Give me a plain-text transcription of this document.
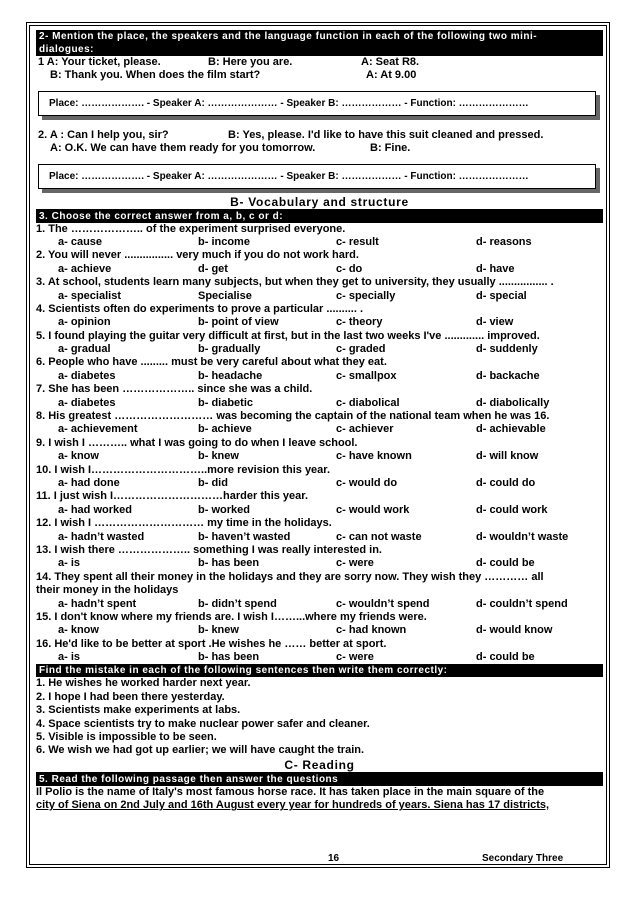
2- Mention the place, the speakers and the language function in each of the following two mini-
dialogues:
1 A: Your ticket, please.	B: Here you are.	A: Seat R8.
B: Thank you. When does the film start?	A: At 9.00
Place: ………………. - Speaker A: ………………… - Speaker B: ……………… - Function: …………………
2. A : Can I help you, sir?	B: Yes, please. I'd like to have this suit cleaned and pressed.
A: O.K. We can have them ready for you tomorrow.	B: Fine.
Place: ………………. - Speaker A: ………………… - Speaker B: ……………… - Function: …………………
B- Vocabulary and structure
3. Choose the correct answer from a, b, c or d:
1. The ……………….. of the experiment surprised everyone.
a- cause	b- income	c- result	d- reasons
2. You will never ................ very much if you do not work hard.
a- achieve	d- get	c- do	d- have
3. At school, students learn many subjects, but when they get to university, they usually ................ .
a- specialist	Specialise	c- specially	d- special
4. Scientists often do experiments to prove a particular .......... .
a- opinion	b- point of view	c- theory	d- view
5. I found playing the guitar very difficult at first, but in the last two weeks I've ............. improved.
a- gradual	b- gradually	c- graded	d- suddenly
6. People who have ......... must be very careful about what they eat.
a- diabetes	b- headache	c- smallpox	d- backache
7. She has been ……………….. since she was a child.
a- diabetes	b- diabetic	c- diabolical	d- diabolically
8. His greatest ……………………… was becoming the captain of the national team when he was 16.
a- achievement	b- achieve	c- achiever	d- achievable
9. I wish I ……….. what I was going to do when I leave school.
a- know	b- knew	c- have known	d- will know
10. I wish I…………………………..more revision this year.
a- had done	b- did	c- would do	d- could do
11. I just wish I…………………………harder this year.
a- had worked	b- worked	c- would work	d- could work
12. I wish I ………………………… my time in the holidays.
a- hadn’t wasted	b- haven’t wasted	c- can not waste	d- wouldn’t waste
13. I wish there ……………….. something I was really interested in.
a- is	b- has been	c- were	d- could be
14. They spent all their money in the holidays and they are sorry now. They wish they ………… all
their money in the holidays
a- hadn’t spent	b- didn’t spend	c- wouldn’t spend	d- couldn’t spend
15. I don't know where my friends are. I wish I……...where my friends were.
a- know	b- knew	c- had known	d- would know
16. He'd like to be better at sport .He wishes he …… better at sport.
a- is	b- has been	c- were	d- could be
Find the mistake in each of the following sentences then write them correctly:
1. He wishes he worked harder next year.
2. I hope I had been there yesterday.
3. Scientists make experiments at labs.
4. Space scientists try to make nuclear power safer and cleaner.
5. Visible is impossible to be seen.
6. We wish we had got up earlier; we will have caught the train.
C- Reading
5. Read the following passage then answer the questions
Il Polio is the name of Italy's most famous horse race. It has taken place in the main square of the
city of Siena on 2nd July and 16th August every year for hundreds of years. Siena has 17 districts,
16	Secondary Three
